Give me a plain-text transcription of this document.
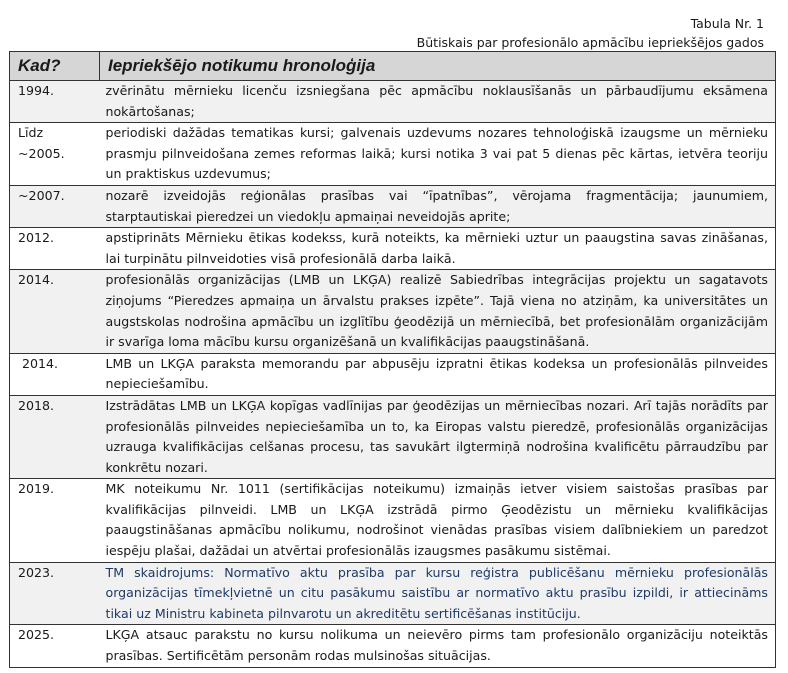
Tabula Nr. 1
Būtiskais par profesionālo apmācību iepriekšējos gados
Kad?	Iepriekšējo notikumu hronoloģija
1994.	zvērinātu mērnieku licenču izsniegšana pēc apmācību noklausīšanās un pārbaudījumu eksāmena nokārtošanas;
Līdz ~2005.	periodiski dažādas tematikas kursi; galvenais uzdevums nozares tehnoloģiskā izaugsme un mērnieku prasmju pilnveidošana zemes reformas laikā; kursi notika 3 vai pat 5 dienas pēc kārtas, ietvēra teoriju un praktiskus uzdevumus;
~2007.	nozarē izveidojās reģionālas prasības vai “īpatnības”, vērojama fragmentācija; jaunumiem, starptautiskai pieredzei un viedokļu apmaiņai neveidojās aprite;
2012.	apstiprināts Mērnieku ētikas kodekss, kurā noteikts, ka mērnieki uztur un paaugstina savas zināšanas, lai turpinātu pilnveidoties visā profesionālā darba laikā.
2014.	profesionālās organizācijas (LMB un LKĢA) realizē Sabiedrības integrācijas projektu un sagatavots ziņojums “Pieredzes apmaiņa un ārvalstu prakses izpēte”. Tajā viena no atziņām, ka universitātes un augstskolas nodrošina apmācību un izglītību ģeodēzijā un mērniecībā, bet profesionālām organizācijām ir svarīga loma mācību kursu organizēšanā un kvalifikācijas paaugstināšanā.
2014.	LMB un LKĢA paraksta memorandu par abpusēju izpratni ētikas kodeksa un profesionālās pilnveides nepieciešamību.
2018.	Izstrādātas LMB un LKĢA kopīgas vadlīnijas par ģeodēzijas un mērniecības nozari. Arī tajās norādīts par profesionālās pilnveides nepieciešamība un to, ka Eiropas valstu pieredzē, profesionālās organizācijas uzrauga kvalifikācijas celšanas procesu, tas savukārt ilgtermiņā nodrošina kvalificētu pārraudzību par konkrētu nozari.
2019.	MK noteikumu Nr. 1011 (sertifikācijas noteikumu) izmaiņās ietver visiem saistošas prasības par kvalifikācijas pilnveidi. LMB un LKĢA izstrādā pirmo Ģeodēzistu un mērnieku kvalifikācijas paaugstināšanas apmācību nolikumu, nodrošinot vienādas prasības visiem dalībniekiem un paredzot iespēju plašai, dažādai un atvērtai profesionālās izaugsmes pasākumu sistēmai.
2023.	TM skaidrojums: Normatīvo aktu prasība par kursu reģistra publicēšanu mērnieku profesionālās organizācijas tīmekļvietnē un citu pasākumu saistību ar normatīvo aktu prasību izpildi, ir attiecināms tikai uz Ministru kabineta pilnvarotu un akreditētu sertificēšanas institūciju.
2025.	LKĢA atsauc parakstu no kursu nolikuma un neievēro pirms tam profesionālo organizāciju noteiktās prasības. Sertificētām personām rodas mulsinošas situācijas.
